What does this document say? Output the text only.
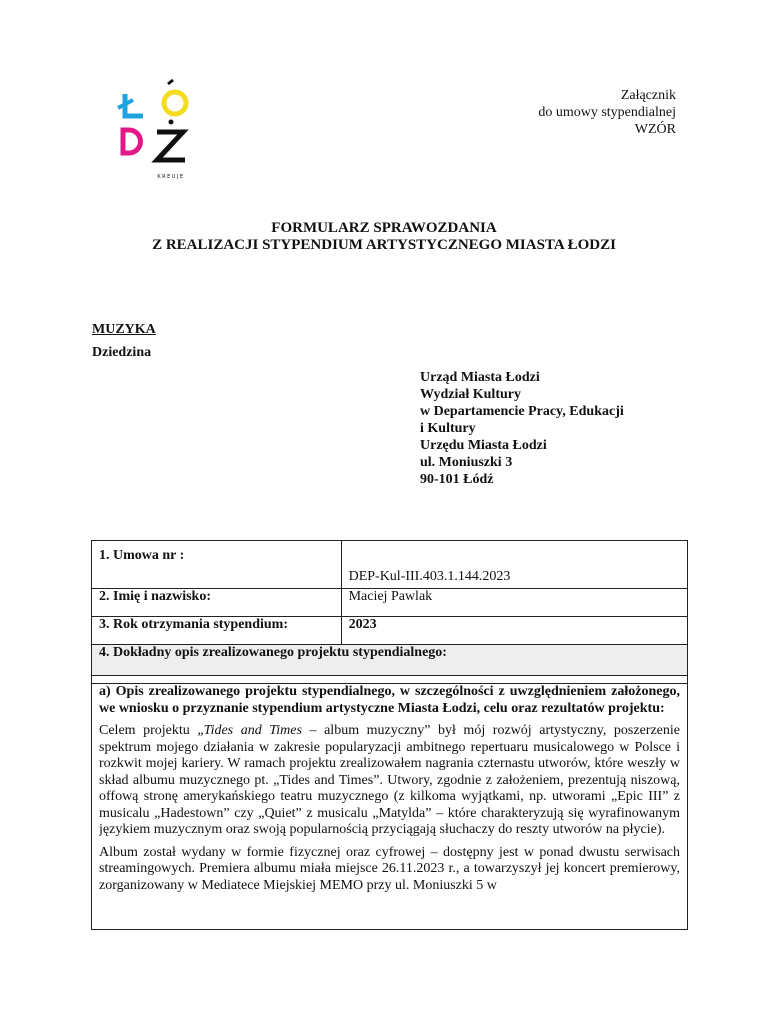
KREUJE
Załącznik
do umowy stypendialnej
WZÓR
FORMULARZ SPRAWOZDANIA
Z REALIZACJI STYPENDIUM ARTYSTYCZNEGO MIASTA ŁODZI
MUZYKA
Dziedzina
Urząd Miasta Łodzi
Wydział Kultury
w Departamencie Pracy, Edukacji
i Kultury
Urzędu Miasta Łodzi
ul. Moniuszki 3
90-101 Łódź
1. Umowa nr :	DEP-Kul-III.403.1.144.2023
2. Imię i nazwisko:	Maciej Pawlak
3. Rok otrzymania stypendium:	2023
4. Dokładny opis zrealizowanego projektu stypendialnego:	

a) Opis zrealizowanego projektu stypendialnego, w szczególności z uwzględnieniem założonego, we wniosku o przyznanie stypendium artystyczne Miasta Łodzi, celu oraz rezultatów projektu:

Celem projektu „Tides and Times – album muzyczny” był mój rozwój artystyczny, poszerzenie spektrum mojego działania w zakresie popularyzacji ambitnego repertuaru musicalowego w Polsce i rozkwit mojej kariery. W ramach projektu zrealizowałem nagrania czternastu utworów, które weszły w skład albumu muzycznego pt. „Tides and Times”. Utwory, zgodnie z założeniem, prezentują niszową, offową stronę amerykańskiego teatru muzycznego (z kilkoma wyjątkami, np. utworami „Epic III” z musicalu „Hadestown” czy „Quiet” z musicalu „Matylda” – które charakteryzują się wyrafinowanym językiem muzycznym oraz swoją popularnością przyciągają słuchaczy do reszty utworów na płycie).

Album został wydany w formie fizycznej oraz cyfrowej – dostępny jest w ponad dwustu serwisach streamingowych. Premiera albumu miała miejsce 26.11.2023 r., a towarzyszył jej koncert premierowy, zorganizowany w Mediatece Miejskiej MEMO przy ul. Moniuszki 5 w	
